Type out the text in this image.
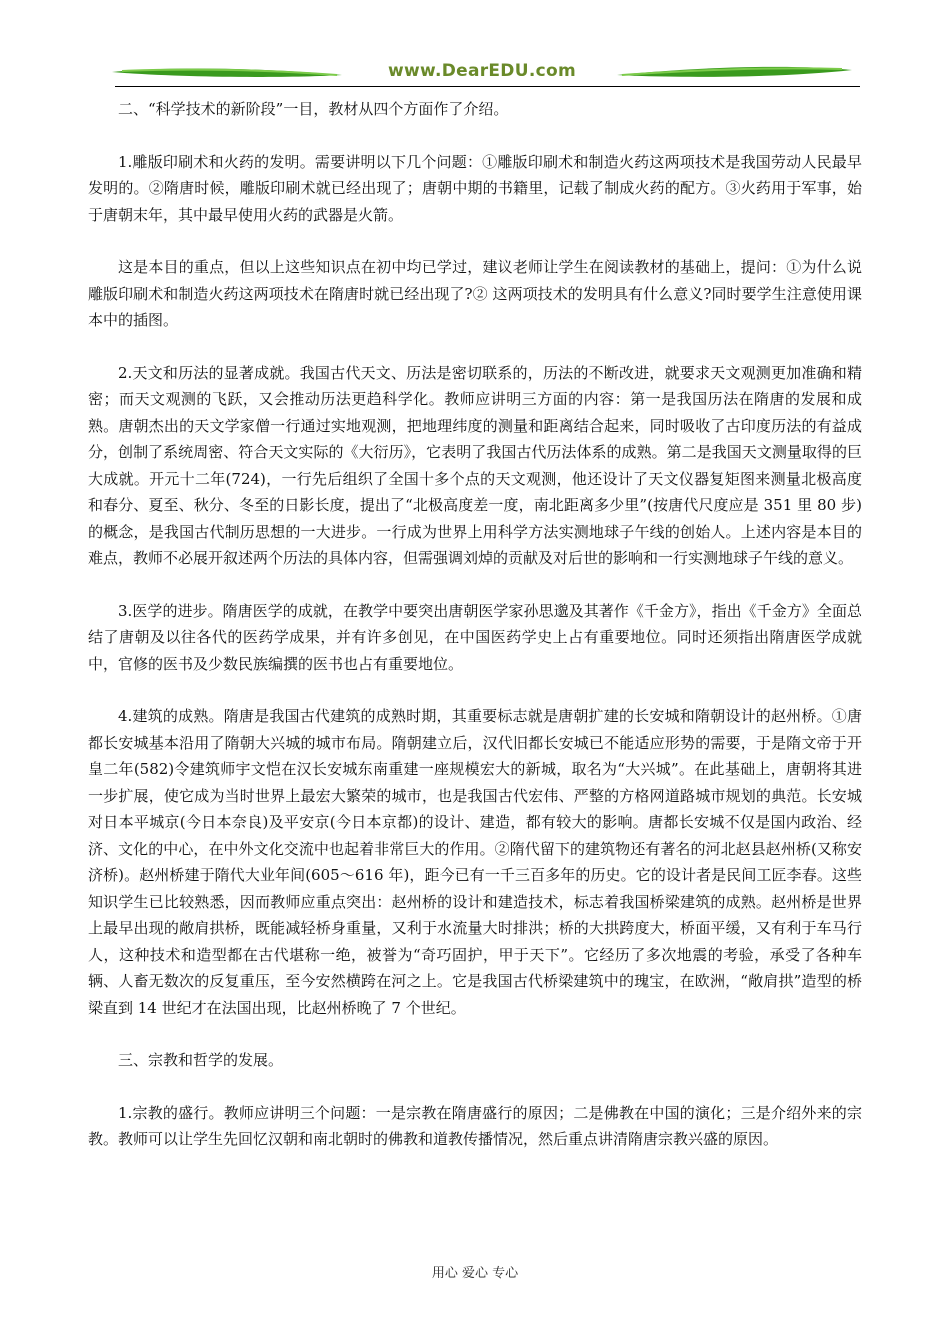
www.DearEDU.com

二、“科学技术的新阶段”一目，教材从四个方面作了介绍。

1.雕版印刷术和火药的发明。需要讲明以下几个问题：①雕版印刷术和制造火药这两项技术是我国劳动人民最早发明的。②隋唐时候，雕版印刷术就已经出现了；唐朝中期的书籍里，记载了制成火药的配方。③火药用于军事，始于唐朝末年，其中最早使用火药的武器是火箭。

这是本目的重点，但以上这些知识点在初中均已学过，建议老师让学生在阅读教材的基础上，提问：①为什么说雕版印刷术和制造火药这两项技术在隋唐时就已经出现了?② 这两项技术的发明具有什么意义?同时要学生注意使用课本中的插图。

2.天文和历法的显著成就。我国古代天文、历法是密切联系的，历法的不断改进，就要求天文观测更加准确和精密；而天文观测的飞跃，又会推动历法更趋科学化。教师应讲明三方面的内容：第一是我国历法在隋唐的发展和成熟。唐朝杰出的天文学家僧一行通过实地观测，把地理纬度的测量和距离结合起来，同时吸收了古印度历法的有益成分，创制了系统周密、符合天文实际的《大衍历》，它表明了我国古代历法体系的成熟。第二是我国天文测量取得的巨大成就。开元十二年(724)，一行先后组织了全国十多个点的天文观测，他还设计了天文仪器复矩图来测量北极高度和春分、夏至、秋分、冬至的日影长度，提出了“北极高度差一度，南北距离多少里”(按唐代尺度应是 351 里 80 步)的概念，是我国古代制历思想的一大进步。一行成为世界上用科学方法实测地球子午线的创始人。上述内容是本目的难点，教师不必展开叙述两个历法的具体内容，但需强调刘焯的贡献及对后世的影响和一行实测地球子午线的意义。

3.医学的进步。隋唐医学的成就，在教学中要突出唐朝医学家孙思邈及其著作《千金方》，指出《千金方》全面总结了唐朝及以往各代的医药学成果，并有许多创见，在中国医药学史上占有重要地位。同时还须指出隋唐医学成就中，官修的医书及少数民族编撰的医书也占有重要地位。

4.建筑的成熟。隋唐是我国古代建筑的成熟时期，其重要标志就是唐朝扩建的长安城和隋朝设计的赵州桥。①唐都长安城基本沿用了隋朝大兴城的城市布局。隋朝建立后，汉代旧都长安城已不能适应形势的需要，于是隋文帝于开皇二年(582)令建筑师宇文恺在汉长安城东南重建一座规模宏大的新城，取名为“大兴城”。在此基础上，唐朝将其进一步扩展，使它成为当时世界上最宏大繁荣的城市，也是我国古代宏伟、严整的方格网道路城市规划的典范。长安城对日本平城京(今日本奈良)及平安京(今日本京都)的设计、建造，都有较大的影响。唐都长安城不仅是国内政治、经济、文化的中心，在中外文化交流中也起着非常巨大的作用。②隋代留下的建筑物还有著名的河北赵县赵州桥(又称安济桥)。赵州桥建于隋代大业年间(605～616 年)，距今已有一千三百多年的历史。它的设计者是民间工匠李春。这些知识学生已比较熟悉，因而教师应重点突出：赵州桥的设计和建造技术，标志着我国桥梁建筑的成熟。赵州桥是世界上最早出现的敞肩拱桥，既能减轻桥身重量，又利于水流量大时排洪；桥的大拱跨度大，桥面平缓，又有利于车马行人，这种技术和造型都在古代堪称一绝，被誉为“奇巧固护，甲于天下”。它经历了多次地震的考验，承受了各种车辆、人畜无数次的反复重压，至今安然横跨在河之上。它是我国古代桥梁建筑中的瑰宝，在欧洲，“敞肩拱”造型的桥梁直到 14 世纪才在法国出现，比赵州桥晚了 7 个世纪。

三、宗教和哲学的发展。

1.宗教的盛行。教师应讲明三个问题：一是宗教在隋唐盛行的原因；二是佛教在中国的演化；三是介绍外来的宗教。教师可以让学生先回忆汉朝和南北朝时的佛教和道教传播情况，然后重点讲清隋唐宗教兴盛的原因。

用心 爱心 专心
